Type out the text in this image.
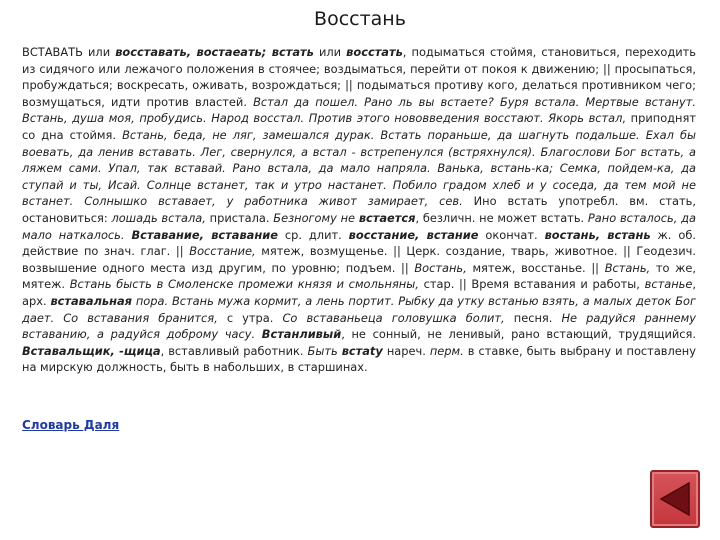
Восстань
ВСТАВАТЬ или восставать, востаеать; встать или восстать, подыматься стоймя, становиться, переходить из сидячого или лежачого положения в стоячее; воздыматься, перейти от покоя к движению; || просыпаться, пробуждаться; воскресать, оживать, возрождаться; || подыматься противу кого, делаться противником чего; возмущаться, идти против властей. Встал да пошел. Рано ль вы встаете? Буря встала. Мертвые встанут. Встань, душа моя, пробудись. Народ восстал. Против этого нововведения восстают. Якорь встал, приподнят со дна стоймя. Встань, беда, не ляг, замешался дурак. Встать пораньше, да шагнуть подальше. Ехал бы воевать, да ленив вставать. Лег, свернулся, а встал - встрепенулся (встряхнулся). Благослови Бог встать, а ляжем сами. Упал, так вставай. Рано встала, да мало напряла. Ванька, встань-ка; Семка, пойдем-ка, да ступай и ты, Исай. Солнце встанет, так и утро настанет. Побило градом хлеб и у соседа, да тем мой не встанет. Солнышко вставает, у работника живот замирает, сев. Ино встать употребл. вм. стать, остановиться: лошадь встала, пристала. Безногому не встается, безличн. не может встать. Рано всталось, да мало наткалось. Вставание, вставание ср. длит. восстание, встание окончат. востань, встань ж. об. действие по знач. глаг. || Восстание, мятеж, возмущенье. || Церк. создание, тварь, животное. || Геодезич. возвышение одного места изд другим, по уровню; подъем. || Востань, мятеж, восстанье. || Встань, то же, мятеж. Встань бысть в Смоленске промежи князя и смольняны, стар. || Время вставания и работы, встанье, арх. вставальная пора. Встань мужа кормит, а лень портит. Рыбку да утку встанью взять, а малых деток Бог дает. Со вставания бранится, с утра. Со вставаньеца головушка болит, песня. Не радуйся раннему вставанию, а радуйся доброму часу. Встанливый, не сонный, не ленивый, рано встающий, трудящийся. Вставальщик, -щица, вставливый работник. Быть встаtу нареч. перм. в ставке, быть выбрану и поставлену на мирскую должность, быть в набольших, в старшинах.
Словарь Даля
